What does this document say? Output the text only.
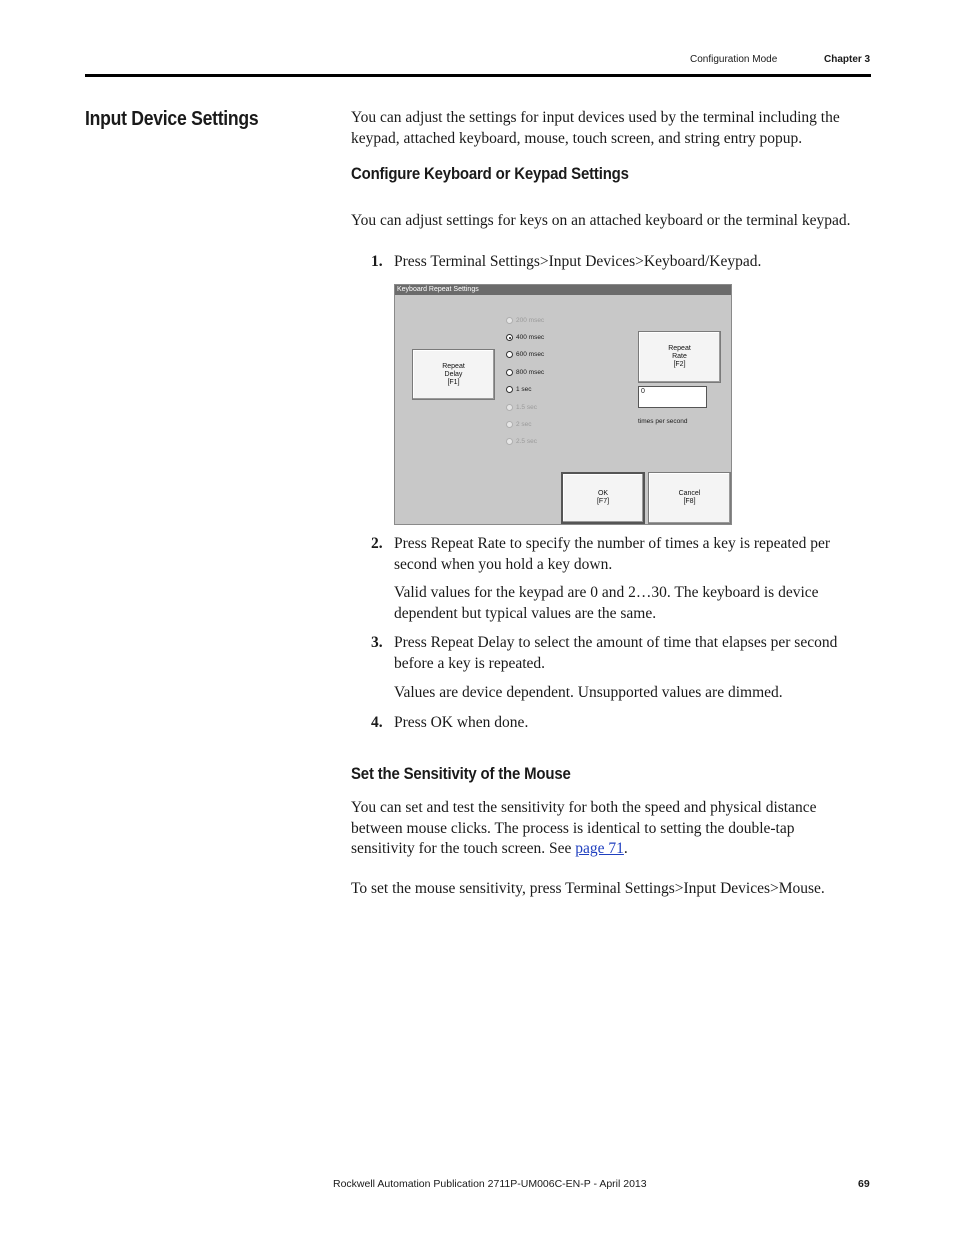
Configuration Mode	Chapter 3
Input Device Settings	You can adjust the settings for input devices used by the terminal including the keypad, attached keyboard, mouse, touch screen, and string entry popup.
Configure Keyboard or Keypad Settings
You can adjust settings for keys on an attached keyboard or the terminal keypad.
1. Press Terminal Settings>Input Devices>Keyboard/Keypad.
Keyboard Repeat Settings
Repeat
Delay
[F1]
200 msec
400 msec
600 msec
800 msec
1 sec
1.5 sec
2 sec
2.5 sec
Repeat
Rate
[F2]
0
times per second
OK
[F7]
Cancel
[F8]
2. Press Repeat Rate to specify the number of times a key is repeated per second when you hold a key down.
Valid values for the keypad are 0 and 2…30. The keyboard is device dependent but typical values are the same.
3. Press Repeat Delay to select the amount of time that elapses per second before a key is repeated.
Values are device dependent. Unsupported values are dimmed.
4. Press OK when done.
Set the Sensitivity of the Mouse
You can set and test the sensitivity for both the speed and physical distance between mouse clicks. The process is identical to setting the double-tap sensitivity for the touch screen. See page 71.
To set the mouse sensitivity, press Terminal Settings>Input Devices>Mouse.
Rockwell Automation Publication 2711P-UM006C-EN-P - April 2013	69
